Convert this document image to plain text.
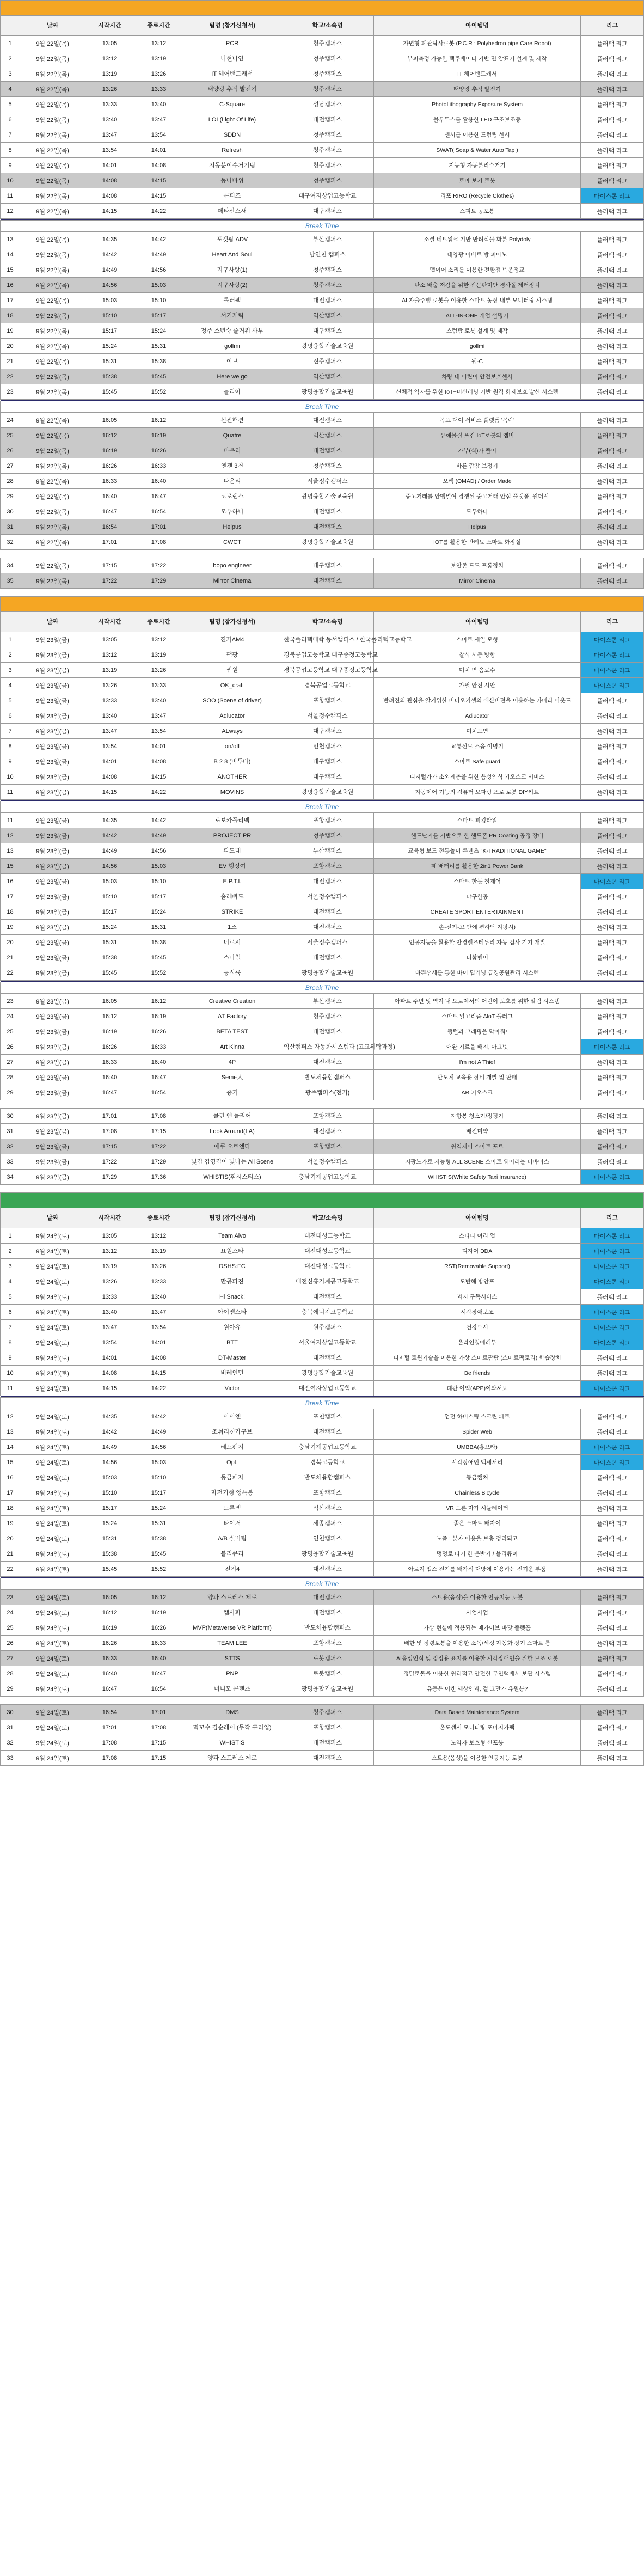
	날짜	시작시간	종료시간	팀명 (참가신청서)	학교/소속명	아이템명	리그
1	9월 22일(목)	13:05	13:12	PCR	청주캠퍼스	가변형 폐관탐사로봇 (P.C.R : Polyhedron pipe Care Robot)	플러팩 리그
2	9월 22일(목)	13:12	13:19	나현나연	청주캠퍼스	부피측정 가능한 택주배이터 기반 면 압표기 설계 및 제작	플러팩 리그
3	9월 22일(목)	13:19	13:26	IT 헤어밴드캐서	청주캠퍼스	IT 헤어밴드캐서	플러팩 리그
4	9월 22일(목)	13:26	13:33	태양광 추적 발전기	청주캠퍼스	태양광 추적 발전기	플러팩 리그
5	9월 22일(목)	13:33	13:40	C-Square	성남캠퍼스	PhotoIlithography Exposure System	플러팩 리그
6	9월 22일(목)	13:40	13:47	LOL(Light Of Life)	대전캠퍼스	블루투스를 활용한 LED 구조보조등	플러팩 리그
7	9월 22일(목)	13:47	13:54	SDDN	청주캠퍼스	센서를 이용한 드럼링 센서	플러팩 리그
8	9월 22일(목)	13:54	14:01	Refresh	청주캠퍼스	SWAT( Soap & Water Auto Tap )	플러팩 리그
9	9월 22일(목)	14:01	14:08	지동분이수거기팀	청주캠퍼스	지능형 자동분리수거기	플러팩 리그
10	9월 22일(목)	14:08	14:15	동나바위	청주캠퍼스	토마 보기 토봇	플러팩 리그
11	9월 22일(목)	14:08	14:15	콘퍼즈	대구여자상업고등학교	리포 RIRO (Recycle Clothes)	마이스콘 리그
12	9월 22일(목)	14:15	14:22	페타산스새	대구캠퍼스	스피트 공포봉	플러팩 리그

Break Time							
13	9월 22일(목)	14:35	14:42	포켓팜 ADV	부산캠퍼스	소셜 네트워크 기반 반려식물 화분 Polydoly	플러팩 리그
14	9월 22일(목)	14:42	14:49	Heart And Soul	남인천 캠퍼스	태양광 어비트 방 피아노	플러팩 리그
15	9월 22일(목)	14:49	14:56	지구사랑(1)	청주캠퍼스	맵이어 소리를 이용한 전환점 넥운정교	플러팩 리그
16	9월 22일(목)	14:56	15:03	지구사랑(2)	청주캠퍼스	탄소 배출 저감을 위한 전문판미안 경사폴 제러정치	플러팩 리그
17	9월 22일(목)	15:03	15:10	롤러팩	대전캠퍼스	AI 자율주행 로봇을 이용한 스마트 농장 내부 모니터링 시스템	플러팩 리그
18	9월 22일(목)	15:10	15:17	서기캐릭	익산캠퍼스	ALL-IN-ONE 개업 설명기	플러팩 리그
19	9월 22일(목)	15:17	15:24	정주 소년숙 즐거워 사부	대구캠퍼스	스텀팜 로봇 설계 및 제작	플러팩 리그
20	9월 22일(목)	15:24	15:31	gollmi	광명융합기술교육원	gollmi	플러팩 리그
21	9월 22일(목)	15:31	15:38	이브	진주캠퍼스	웹-C	플러팩 리그
22	9월 22일(목)	15:38	15:45	Here we go	익산캠퍼스	차량 내 어린이 안전보호센서	플러팩 리그
23	9월 22일(목)	15:45	15:52	돌리아	광명융합기술교육원	신체적 약자를 위한 IoT+머신러닝 기반 원격 화재보호 발신 시스템	플러팩 리그

Break Time							
24	9월 22일(목)	16:05	16:12	신진해견	대전캠퍼스	목표 대여 서비스 플랫폼 '목락'	플러팩 리그
25	9월 22일(목)	16:12	16:19	Quatre	익산캠퍼스	유해물질 포집 IoT로봇의 엠버	플러팩 리그
26	9월 22일(목)	16:19	16:26	바우리	대전캠퍼스	가부(식)가 폴어	플러팩 리그
27	9월 22일(목)	16:26	16:33	엔젠 3천	청주캠퍼스	바른 깜참 보정기	플러팩 리그
28	9월 22일(목)	16:33	16:40	다온리	서울정수캠퍼스	오팩 (OMAD) / Order Made	플러팩 리그
29	9월 22일(목)	16:40	16:47	코로랩스	광명융합기술교육원	중고거래를 안맹멸여 경쟁된 중고거래 안심 플랫폼, 원더시	플러팩 리그
30	9월 22일(목)	16:47	16:54	모두하나	대전캠퍼스	모두하나	플러팩 리그
31	9월 22일(목)	16:54	17:01	Helpus	대전캠퍼스	Helpus	플러팩 리그
32	9월 22일(목)	17:01	17:08	CWCT	광명융합기술교육원	IOT를 활용한 반려묘 스마트 화장실	플러팩 리그

34	9월 22일(목)	17:15	17:22	bopo engineer	대구캠퍼스	보안존 드도 프롬정치	플러팩 리그
35	9월 22일(목)	17:22	17:29	Mirror Cinema	대전캠퍼스	Mirror Cinema	플러팩 리그

	날짜	시작시간	종료시간	팀명 (참가신청서)	학교/소속명	아이템명	리그
1	9월 23일(금)	13:05	13:12	진거AM4	한국폴리텍대학 동서캠퍼스 / 한국폴리텍고등학교	스마트 세일 모형	마이스콘 리그
2	9월 23일(금)	13:12	13:19	팩팡	경북공업고등학교 대구종정고등학교	찰식 시동 방함	마이스콘 리그
3	9월 23일(금)	13:19	13:26	썸원	경북공업고등학교 대구종정고등학교	미치 면 음료수	마이스콘 리그
4	9월 23일(금)	13:26	13:33	OK_craft	경북공업고등학교	가필 안전 시안	마이스콘 리그
5	9월 23일(금)	13:33	13:40	SOO (Scene of driver)	포항캠퍼스	반려견의 관심을 알기위한 비디오키셀의 애산비전을 이용하는 카메라 아웃드	플러팩 리그
6	9월 23일(금)	13:40	13:47	Adiucator	서울정수캠퍼스	Adiucator	플러팩 리그
7	9월 23일(금)	13:47	13:54	ALways	대구캠퍼스	미치오연	플러팩 리그
8	9월 23일(금)	13:54	14:01	on/off	인천캠퍼스	교통신모 소음 이병기	플러팩 리그
9	9월 23일(금)	14:01	14:08	B 2 8 (비투바)	대구캠퍼스	스마트 Safe guard	플러팩 리그
10	9월 23일(금)	14:08	14:15	ANOTHER	대구캠퍼스	디지털가가 소외계층을 위한 음성인식 키오스크 서비스	플러팩 리그
11	9월 23일(금)	14:15	14:22	MOVINS	광명융합기술교육원	자동제어 기능의 컴퓨터 모파링 프로 로봇 DIY키트	플러팩 리그

Break Time							
11	9월 23일(금)	14:35	14:42	로보카폴리맥	포항캠퍼스	스마트 피킹타워	플러팩 리그
12	9월 23일(금)	14:42	14:49	PROJECT PR	청주캠퍼스	핸드난지를 기반으로 한 핸드폰 PR Coating 공정 장비	플러팩 리그
13	9월 23일(금)	14:49	14:56	파도대	부산캠퍼스	교육형 보드 전통놀이 콘텐츠 "K-TRADITIONAL GAME"	플러팩 리그
15	9월 23일(금)	14:56	15:03	EV 행정여	포항캠퍼스	폐 배터리를 활용한 2in1 Power Bank	플러팩 리그
16	9월 23일(금)	15:03	15:10	E.P.T.I.	대전캠퍼스	스마트 한듯 철제어	마이스콘 리그
17	9월 23일(금)	15:10	15:17	홀레빠드	서울정수캠퍼스	냐구한공	플러팩 리그
18	9월 23일(금)	15:17	15:24	STRIKE	대전캠퍼스	CREATE SPORT ENTERTAINMENT	플러팩 리그
19	9월 23일(금)	15:24	15:31	1조	대전캠퍼스	손-전기-고 안에 편하담 지팡시)	플러팩 리그
20	9월 23일(금)	15:31	15:38	너르시	서울정수캠퍼스	인공지능을 활용한 안경렌즈테두리 자동 검사 기기 개발	플러팩 리그
21	9월 23일(금)	15:38	15:45	스마일	대전캠퍼스	더함펜어	플러팩 리그
22	9월 23일(금)	15:45	15:52	공식륙	광명융합기술교육원	바쁜샘세를 통한 바이 딥러닝 급경공원관리 시스템	플러팩 리그

Break Time							
23	9월 23일(금)	16:05	16:12	Creative Creation	부산캠퍼스	아파트 주변 및 역지 내 도로제서의 어린이 보호를 위한 알림 시스템	플러팩 리그
24	9월 23일(금)	16:12	16:19	AT Factory	청주캠퍼스	스마트 알고리즘 AloT 플러그	플러팩 리그
25	9월 23일(금)	16:19	16:26	BETA TEST	대전캠퍼스	행렬과 그래핑을 막아줘!	플러팩 리그
26	9월 23일(금)	16:26	16:33	Art Kinna	익산캠퍼스 자동화시스템과 (고교위탁과정)	애완 기르을 배지, 아그넷	마이스콘 리그
27	9월 23일(금)	16:33	16:40	4P	대전캠퍼스	I'm not A Thief	플러팩 리그
28	9월 23일(금)	16:40	16:47	Semi-人	반도체융합캠퍼스	반도체 교육용 장비 개발 및 판매	플러팩 리그
29	9월 23일(금)	16:47	16:54	중기	광주캠퍼스(전기)	AR 키오스크	플러팩 리그

30	9월 23일(금)	17:01	17:08	클린 앤 클리어	포항캠퍼스	자항봉 청소기/정정기	플러팩 리그
31	9월 23일(금)	17:08	17:15	Look Around(LA)	대전캠퍼스	배전미약	플러팩 리그
32	9월 23일(금)	17:15	17:22	에쿠 오르엔다	포항캠퍼스	원격제어 스마트 포트	플러팩 리그
33	9월 23일(금)	17:22	17:29	빛김 김영김이 빛나는 All Scene	서울정수캠퍼스	지팡노가로 지능형 ALL SCENE 스마트 웨어러블 디바이스	플러팩 리그
34	9월 23일(금)	17:29	17:36	WHISTIS(휘시스티스)	충남기계공업고등학교	WHISTIS(White Safety Taxi Insurance)	마이스콘 리그

	날짜	시작시간	종료시간	팀명 (참가신청서)	학교/소속명	아이템명	리그
1	9월 24일(토)	13:05	13:12	Team Alvo	대전대성고등학교	스타다 여리 업	마이스콘 리그
2	9월 24일(토)	13:12	13:19	요원스타	대전대성고등학교	디자어 DDA	마이스콘 리그
3	9월 24일(토)	13:19	13:26	DSHS:FC	대전대성고등학교	RST(Removable Support)	마이스콘 리그
4	9월 24일(토)	13:26	13:33	만공파진	대전신흥기계공고등학교	도반해 방안포	마이스콘 리그
5	9월 24일(토)	13:33	13:40	Hi Snack!	대전캠퍼스	과지 구독서비스	플러팩 리그
6	9월 24일(토)	13:40	13:47	아이엠스타	충북에너지고등학교	시각장애보조	마이스콘 리그
7	9월 24일(토)	13:47	13:54	원아유	원주캠퍼스	건강도시	마이스콘 리그
8	9월 24일(토)	13:54	14:01	BTT	서울여자상업고등학교	온라인청에레무	마이스콘 리그
9	9월 24일(토)	14:01	14:08	DT-Master	대전캠퍼스	디지털 트윈기술을 이용한 가상 스마트팜팜 (스마트팩토리) 학습장치	플러팩 리그
10	9월 24일(토)	14:08	14:15	비레인먼	광명융합기술교육원	Be friends	플러팩 리그
11	9월 24일(토)	14:15	14:22	Victor	대전여자상업고등학교	폐판 이익(APP)이와서요	마이스콘 리그

Break Time							
12	9월 24일(토)	14:35	14:42	아이엔	포천캠퍼스	업전 하버스팅 스크린 페트	플러팩 리그
13	9월 24일(토)	14:42	14:49	조쉬리친가구브	대전캠퍼스	Spider Web	플러팩 리그
14	9월 24일(토)	14:49	14:56	레드펜져	충남기계공업고등학교	UMBBA(홍브라)	마이스콘 리그
15	9월 24일(토)	14:56	15:03	Opt.	경북고등학교	시각장애인 액세서리	마이스콘 리그
16	9월 24일(토)	15:03	15:10	동금페자	반도체융합캠퍼스	등금캡처	플러팩 리그
17	9월 24일(토)	15:10	15:17	자전거형 앵특봉	포항캠퍼스	Chainless Bicycle	플러팩 리그
18	9월 24일(토)	15:17	15:24	드론팩	익산캠퍼스	VR 드론 자가 시뮬레이터	플러팩 리그
19	9월 24일(토)	15:24	15:31	타이저	세종캠퍼스	좋은 스마트 배자여	플러팩 리그
20	9월 24일(토)	15:31	15:38	A/B 설비팀	인천캠퍼스	노즘 : 분자 이용을 보충 정리되고	플러팩 리그
21	9월 24일(토)	15:38	15:45	블리큐리	광명융합기술교육원	멍멍로 타기 한 운반기 / 블리큐이	플러팩 리그
22	9월 24일(토)	15:45	15:52	전기4	대전캠퍼스	아르지 앱스 전기를 배가식 재방에 이용하는 전기운 부품	플러팩 리그

Break Time							
23	9월 24일(토)	16:05	16:12	양파 스트레스 제로	대전캠퍼스	스트용(음성)을 이용한 인공지능 로봇	플러팩 리그
24	9월 24일(토)	16:12	16:19	캠사파	대전캠퍼스	사업사업	플러팩 리그
25	9월 24일(토)	16:19	16:26	MVP(Metaverse VR Platform)	반도체융합캠퍼스	가상 현실에 적용되는 메가이브 바닷 플랫폼	플러팩 리그
26	9월 24일(토)	16:26	16:33	TEAM LEE	포항캠퍼스	배한 및 정령토봉을 이용한 소독/세정 자동화 장기 스마트 룸	플러팩 리그
27	9월 24일(토)	16:33	16:40	STTS	로봇캠퍼스	AI음성인식 및 정정용 표지를 이용한 시각장애인을 위한 보조 로봇	플러팩 리그
28	9월 24일(토)	16:40	16:47	PNP	로봇캠퍼스	정밀토물을 이용한 원리적고 안전한 무인택배서 보관 시스템	플러팩 리그
29	9월 24일(토)	16:47	16:54	미니모 콘텐츠	광명융합기술교육원	유증은 어캔 세상인과, 걸 그만가 유원봉?	플러팩 리그

30	9월 24일(토)	16:54	17:01	DMS	청주캠퍼스	Data Based Maintenance System	플러팩 리그
31	9월 24일(토)	17:01	17:08	먹꼬수 김순레이 (무작 구리업)	포항캠퍼스	온도센서 모니터링 포마지카팩	플러팩 리그
32	9월 24일(토)	17:08	17:15	WHISTIS	대전캠퍼스	노약자 보호형 신포봉	플러팩 리그
33	9월 24일(토)	17:08	17:15	양파 스트레스 제로	대전캠퍼스	스트용(음성)을 이용한 인공지능 로봇	플러팩 리그
